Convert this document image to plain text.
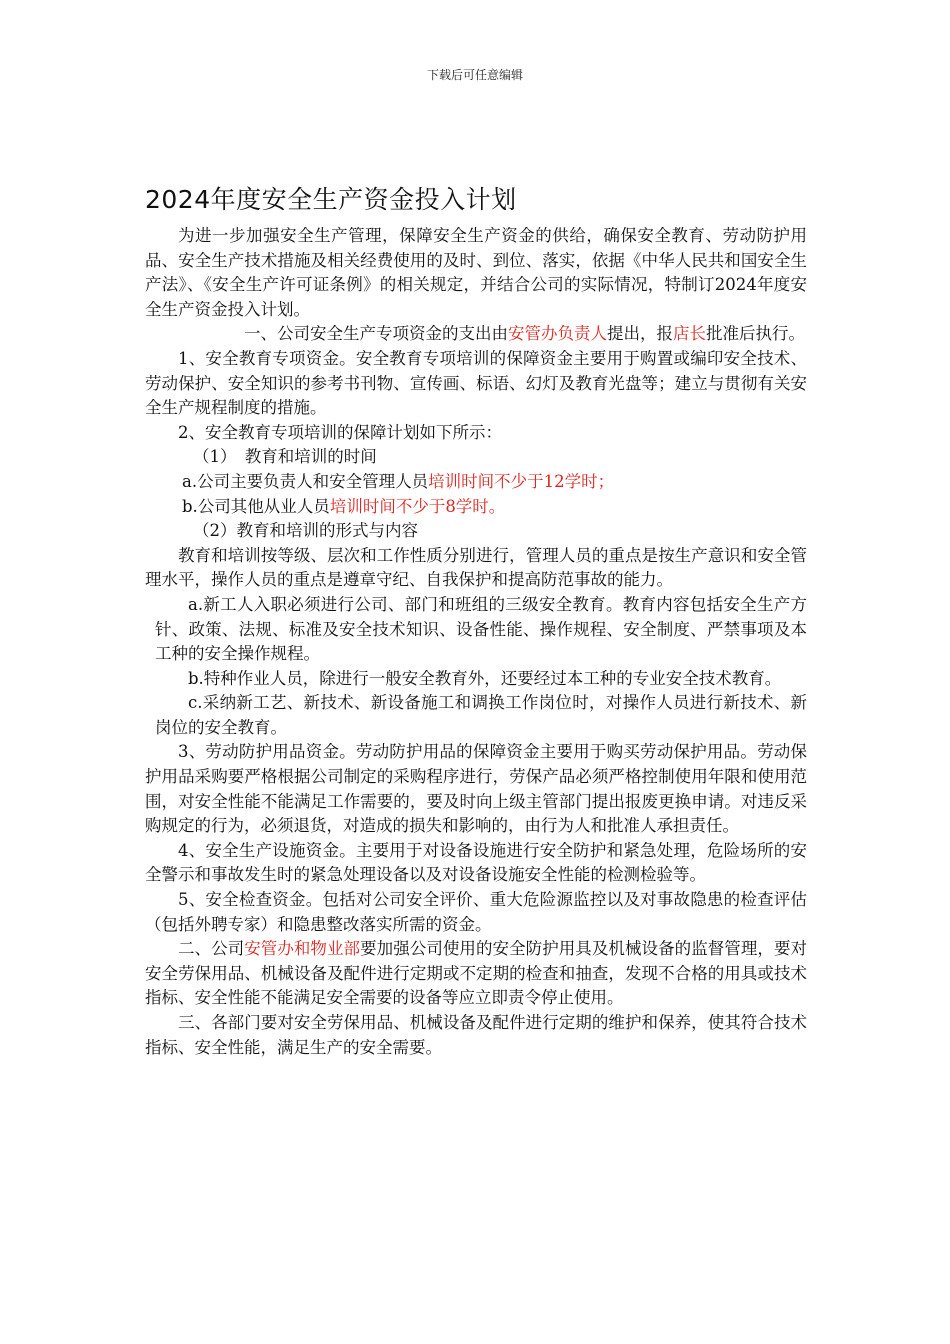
下载后可任意编辑
2024年度安全生产资金投入计划

为进一步加强安全生产管理，保障安全生产资金的供给，确保安全教育、劳动防护用品、安全生产技术措施及相关经费使用的及时、到位、落实，依据《中华人民共和国安全生产法》、《安全生产许可证条例》的相关规定，并结合公司的实际情况，特制订2024年度安全生产资金投入计划。

一、公司安全生产专项资金的支出由安管办负责人提出，报店长批准后执行。

1、安全教育专项资金。安全教育专项培训的保障资金主要用于购置或编印安全技术、劳动保护、安全知识的参考书刊物、宣传画、标语、幻灯及教育光盘等；建立与贯彻有关安全生产规程制度的措施。

2、安全教育专项培训的保障计划如下所示：

（1）　教育和培训的时间

a.公司主要负责人和安全管理人员培训时间不少于12学时；

b.公司其他从业人员培训时间不少于8学时。

（2）教育和培训的形式与内容

教育和培训按等级、层次和工作性质分别进行，管理人员的重点是按生产意识和安全管理水平，操作人员的重点是遵章守纪、自我保护和提高防范事故的能力。

a.新工人入职必须进行公司、部门和班组的三级安全教育。教育内容包括安全生产方针、政策、法规、标准及安全技术知识、设备性能、操作规程、安全制度、严禁事项及本工种的安全操作规程。

b.特种作业人员，除进行一般安全教育外，还要经过本工种的专业安全技术教育。

c.采纳新工艺、新技术、新设备施工和调换工作岗位时，对操作人员进行新技术、新岗位的安全教育。

3、劳动防护用品资金。劳动防护用品的保障资金主要用于购买劳动保护用品。劳动保护用品采购要严格根据公司制定的采购程序进行，劳保产品必须严格控制使用年限和使用范围，对安全性能不能满足工作需要的，要及时向上级主管部门提出报废更换申请。对违反采购规定的行为，必须退货，对造成的损失和影响的，由行为人和批准人承担责任。

4、安全生产设施资金。主要用于对设备设施进行安全防护和紧急处理，危险场所的安全警示和事故发生时的紧急处理设备以及对设备设施安全性能的检测检验等。

5、安全检查资金。包括对公司安全评价、重大危险源监控以及对事故隐患的检查评估（包括外聘专家）和隐患整改落实所需的资金。

二、公司安管办和物业部要加强公司使用的安全防护用具及机械设备的监督管理，要对安全劳保用品、机械设备及配件进行定期或不定期的检查和抽查，发现不合格的用具或技术指标、安全性能不能满足安全需要的设备等应立即责令停止使用。

三、各部门要对安全劳保用品、机械设备及配件进行定期的维护和保养，使其符合技术指标、安全性能，满足生产的安全需要。
